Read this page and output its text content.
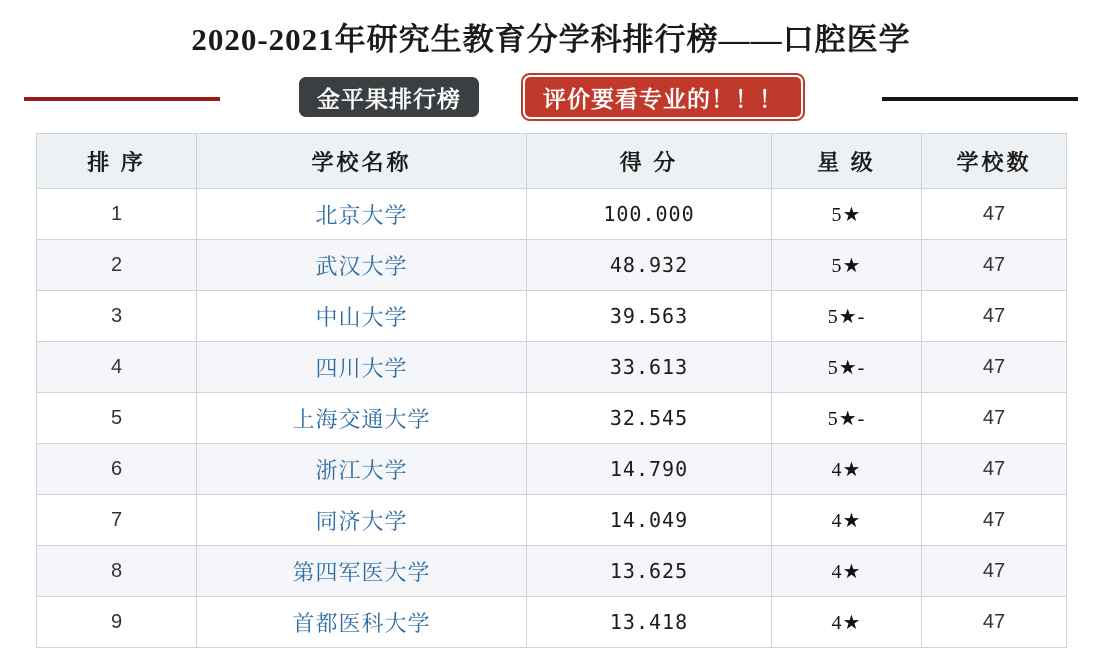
2020-2021年研究生教育分学科排行榜——口腔医学
金平果排行榜	评价要看专业的！！！
排 序	学校名称	得 分	星 级	学校数
1	北京大学	100.000	5★	47
2	武汉大学	48.932	5★	47
3	中山大学	39.563	5★-	47
4	四川大学	33.613	5★-	47
5	上海交通大学	32.545	5★-	47
6	浙江大学	14.790	4★	47
7	同济大学	14.049	4★	47
8	第四军医大学	13.625	4★	47
9	首都医科大学	13.418	4★	47
